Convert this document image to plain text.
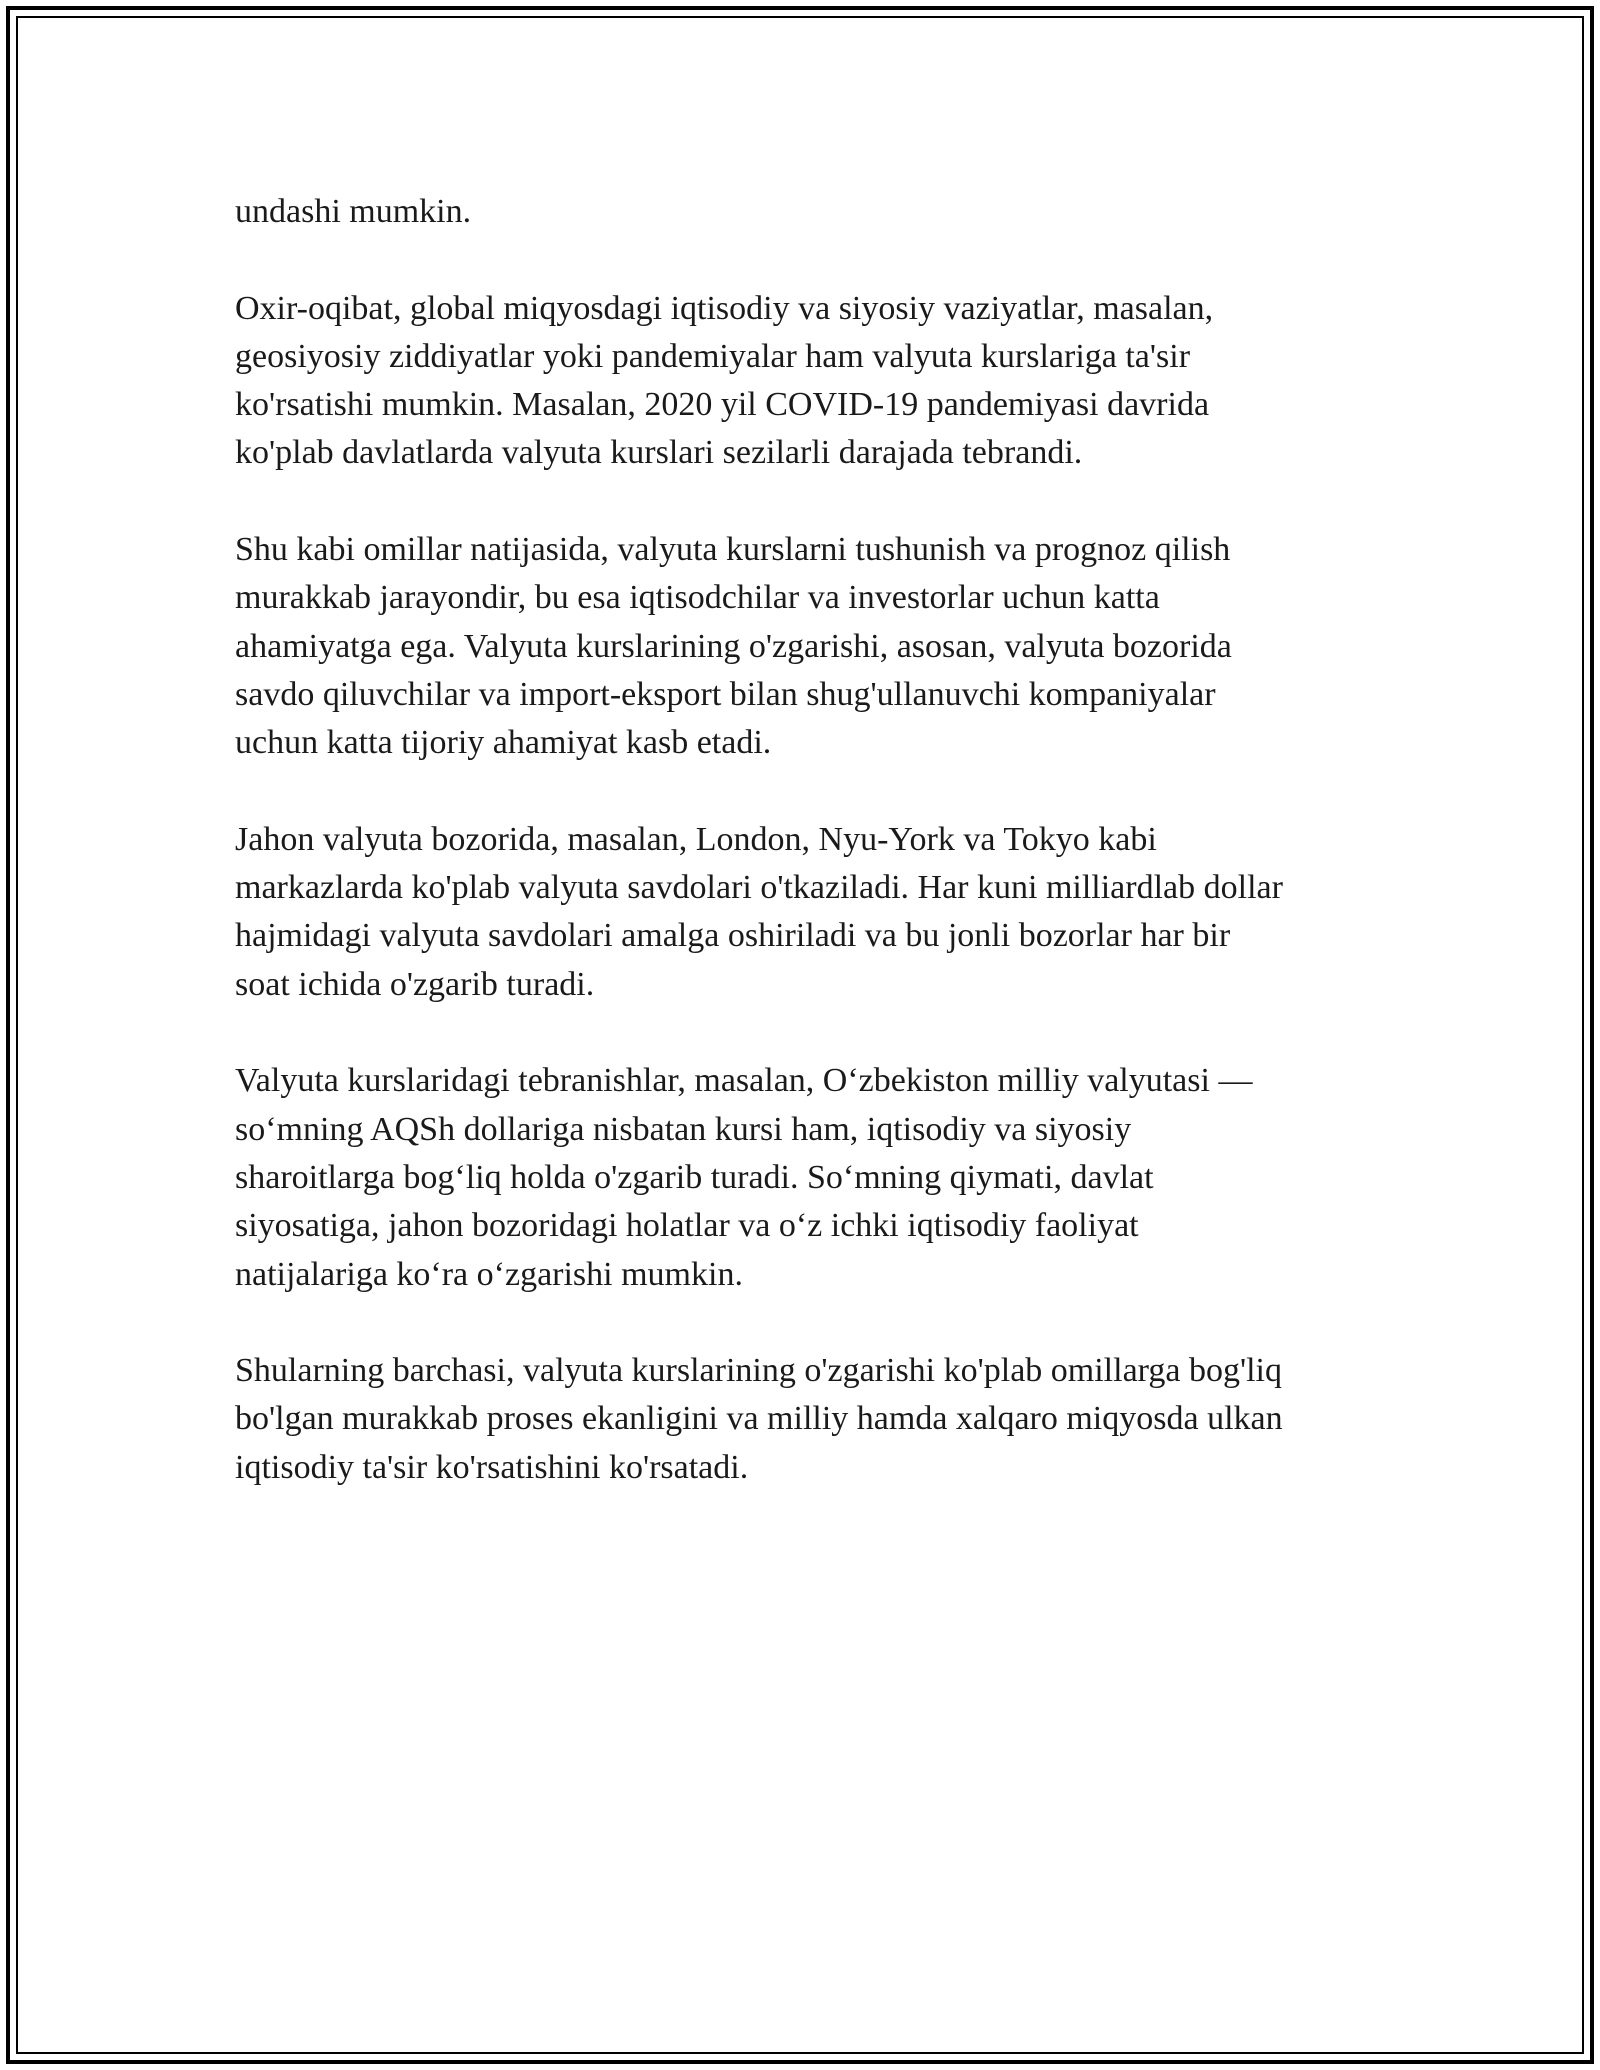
undashi mumkin.

Oxir-oqibat, global miqyosdagi iqtisodiy va siyosiy vaziyatlar, masalan,
geosiyosiy ziddiyatlar yoki pandemiyalar ham valyuta kurslariga ta'sir
ko'rsatishi mumkin. Masalan, 2020 yil COVID-19 pandemiyasi davrida
ko'plab davlatlarda valyuta kurslari sezilarli darajada tebrandi.

Shu kabi omillar natijasida, valyuta kurslarni tushunish va prognoz qilish
murakkab jarayondir, bu esa iqtisodchilar va investorlar uchun katta
ahamiyatga ega. Valyuta kurslarining o'zgarishi, asosan, valyuta bozorida
savdo qiluvchilar va import-eksport bilan shug'ullanuvchi kompaniyalar
uchun katta tijoriy ahamiyat kasb etadi.

Jahon valyuta bozorida, masalan, London, Nyu-York va Tokyo kabi
markazlarda ko'plab valyuta savdolari o'tkaziladi. Har kuni milliardlab dollar
hajmidagi valyuta savdolari amalga oshiriladi va bu jonli bozorlar har bir
soat ichida o'zgarib turadi.

Valyuta kurslaridagi tebranishlar, masalan, O‘zbekiston milliy valyutasi —
so‘mning AQSh dollariga nisbatan kursi ham, iqtisodiy va siyosiy
sharoitlarga bog‘liq holda o'zgarib turadi. So‘mning qiymati, davlat
siyosatiga, jahon bozoridagi holatlar va o‘z ichki iqtisodiy faoliyat
natijalariga ko‘ra o‘zgarishi mumkin.

Shularning barchasi, valyuta kurslarining o'zgarishi ko'plab omillarga bog'liq
bo'lgan murakkab proses ekanligini va milliy hamda xalqaro miqyosda ulkan
iqtisodiy ta'sir ko'rsatishini ko'rsatadi.
